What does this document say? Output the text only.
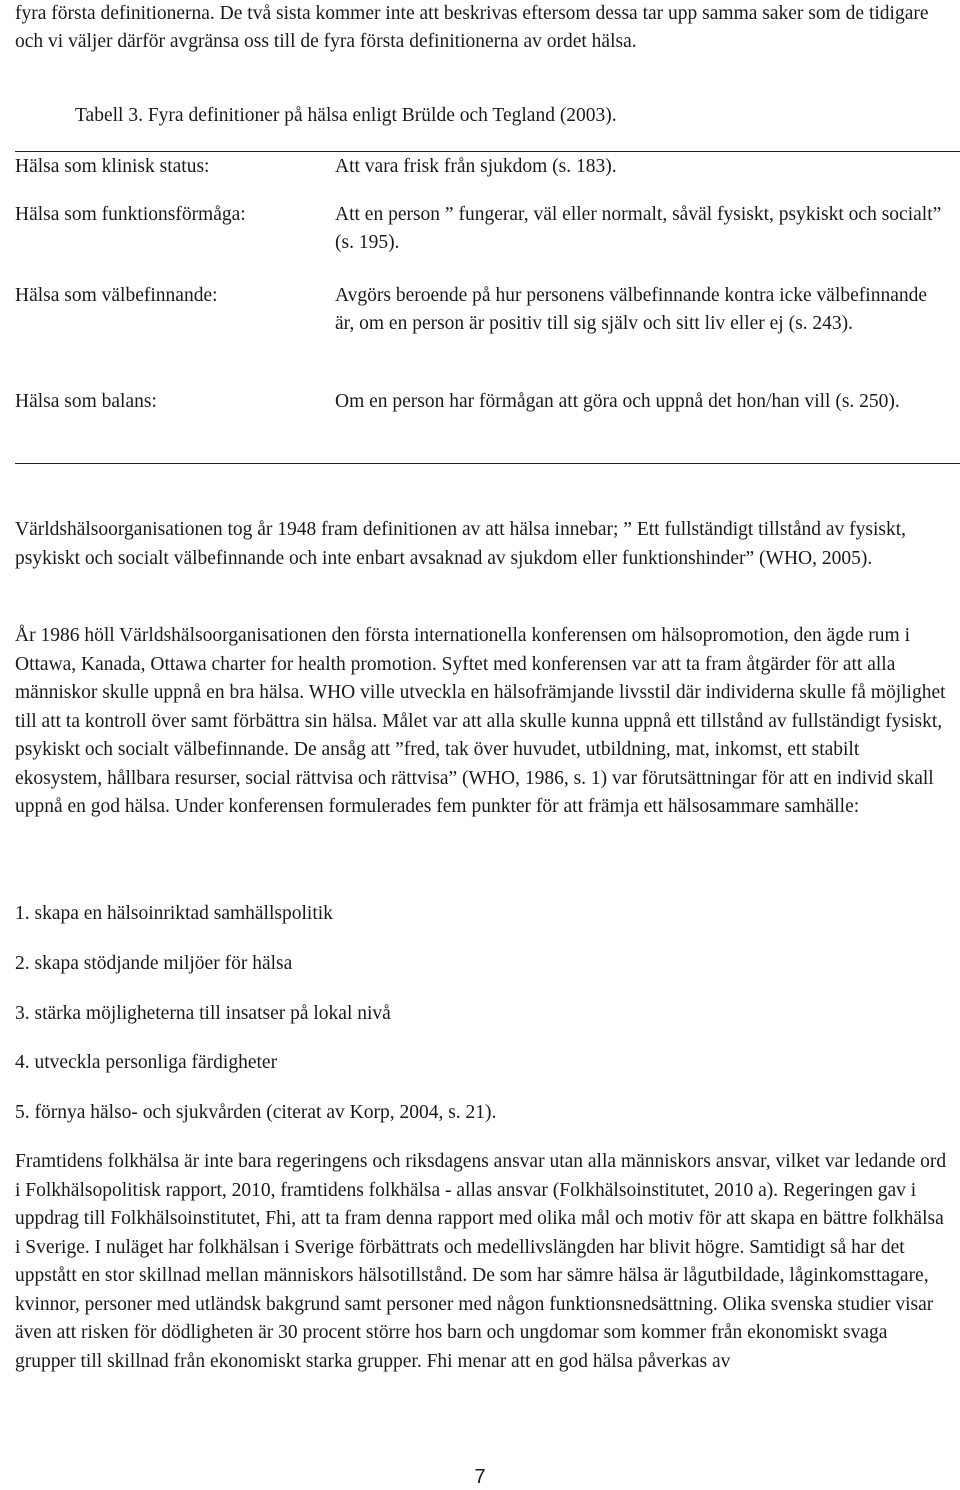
fyra första definitionerna. De två sista kommer inte att beskrivas eftersom dessa tar upp samma saker som de tidigare och vi väljer därför avgränsa oss till de fyra första definitionerna av ordet hälsa.

Tabell 3. Fyra definitioner på hälsa enligt Brülde och Tegland (2003).

Hälsa som klinisk status:	Att vara frisk från sjukdom (s. 183).
Hälsa som funktionsförmåga:	Att en person ” fungerar, väl eller normalt, såväl fysiskt, psykiskt och socialt” (s. 195).
Hälsa som välbefinnande:	Avgörs beroende på hur personens välbefinnande kontra icke välbefinnande är, om en person är positiv till sig själv och sitt liv eller ej (s. 243).
Hälsa som balans:	Om en person har förmågan att göra och uppnå det hon/han vill (s. 250).

Världshälsoorganisationen tog år 1948 fram definitionen av att hälsa innebar; ” Ett fullständigt tillstånd av fysiskt, psykiskt och socialt välbefinnande och inte enbart avsaknad av sjukdom eller funktionshinder” (WHO, 2005).

År 1986 höll Världshälsoorganisationen den första internationella konferensen om hälsopromotion, den ägde rum i Ottawa, Kanada, Ottawa charter for health promotion. Syftet med konferensen var att ta fram åtgärder för att alla människor skulle uppnå en bra hälsa. WHO ville utveckla en hälsofrämjande livsstil där individerna skulle få möjlighet till att ta kontroll över samt förbättra sin hälsa. Målet var att alla skulle kunna uppnå ett tillstånd av fullständigt fysiskt, psykiskt och socialt välbefinnande. De ansåg att ”fred, tak över huvudet, utbildning, mat, inkomst, ett stabilt ekosystem, hållbara resurser, social rättvisa och rättvisa” (WHO, 1986, s. 1) var förutsättningar för att en individ skall uppnå en god hälsa. Under konferensen formulerades fem punkter för att främja ett hälsosammare samhälle:

1. skapa en hälsoinriktad samhällspolitik

2. skapa stödjande miljöer för hälsa

3. stärka möjligheterna till insatser på lokal nivå

4. utveckla personliga färdigheter

5. förnya hälso- och sjukvården (citerat av Korp, 2004, s. 21).

Framtidens folkhälsa är inte bara regeringens och riksdagens ansvar utan alla människors ansvar, vilket var ledande ord i Folkhälsopolitisk rapport, 2010, framtidens folkhälsa - allas ansvar (Folkhälsoinstitutet, 2010 a). Regeringen gav i uppdrag till Folkhälsoinstitutet, Fhi, att ta fram denna rapport med olika mål och motiv för att skapa en bättre folkhälsa i Sverige. I nuläget har folkhälsan i Sverige förbättrats och medellivslängden har blivit högre. Samtidigt så har det uppstått en stor skillnad mellan människors hälsotillstånd. De som har sämre hälsa är lågutbildade, låginkomsttagare, kvinnor, personer med utländsk bakgrund samt personer med någon funktionsnedsättning. Olika svenska studier visar även att risken för dödligheten är 30 procent större hos barn och ungdomar som kommer från ekonomiskt svaga grupper till skillnad från ekonomiskt starka grupper. Fhi menar att en god hälsa påverkas av

7
